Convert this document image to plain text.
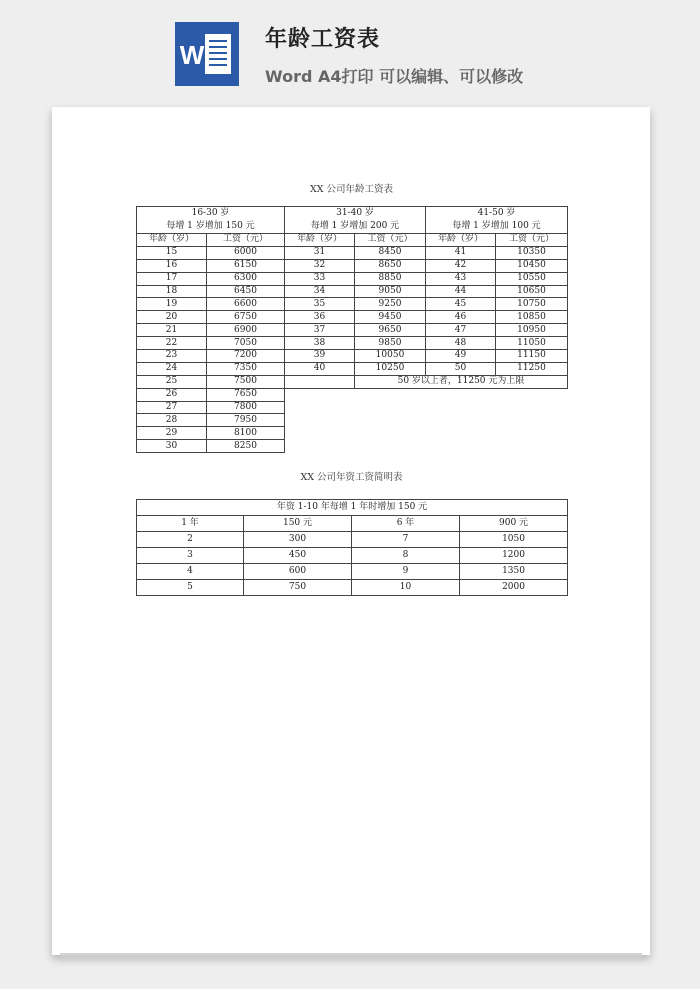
W
年龄工资表
Word A4打印 可以编辑、可以修改
XX 公司年龄工资表
16-30 岁		31-40 岁		41-50 岁	
每增 1 岁增加 150 元		每增 1 岁增加 200 元		每增 1 岁增加 100 元	
年龄（岁）	工资（元）	年龄（岁）	工资（元）	年龄（岁）	工资（元）
15	6000	31	8450	41	10350
16	6150	32	8650	42	10450
17	6300	33	8850	43	10550
18	6450	34	9050	44	10650
19	6600	35	9250	45	10750
20	6750	36	9450	46	10850
21	6900	37	9650	47	10950
22	7050	38	9850	48	11050
23	7200	39	10050	49	11150
24	7350	40	10250	50	11250
25	7500		50 岁以上者，11250 元为上限		
26	7650				
27	7800				
28	7950				
29	8100				
30	8250				
XX 公司年资工资简明表
年资 1-10 年每增 1 年时增加 150 元			
1 年	150 元	6 年	900 元
2	300	7	1050
3	450	8	1200
4	600	9	1350
5	750	10	2000
